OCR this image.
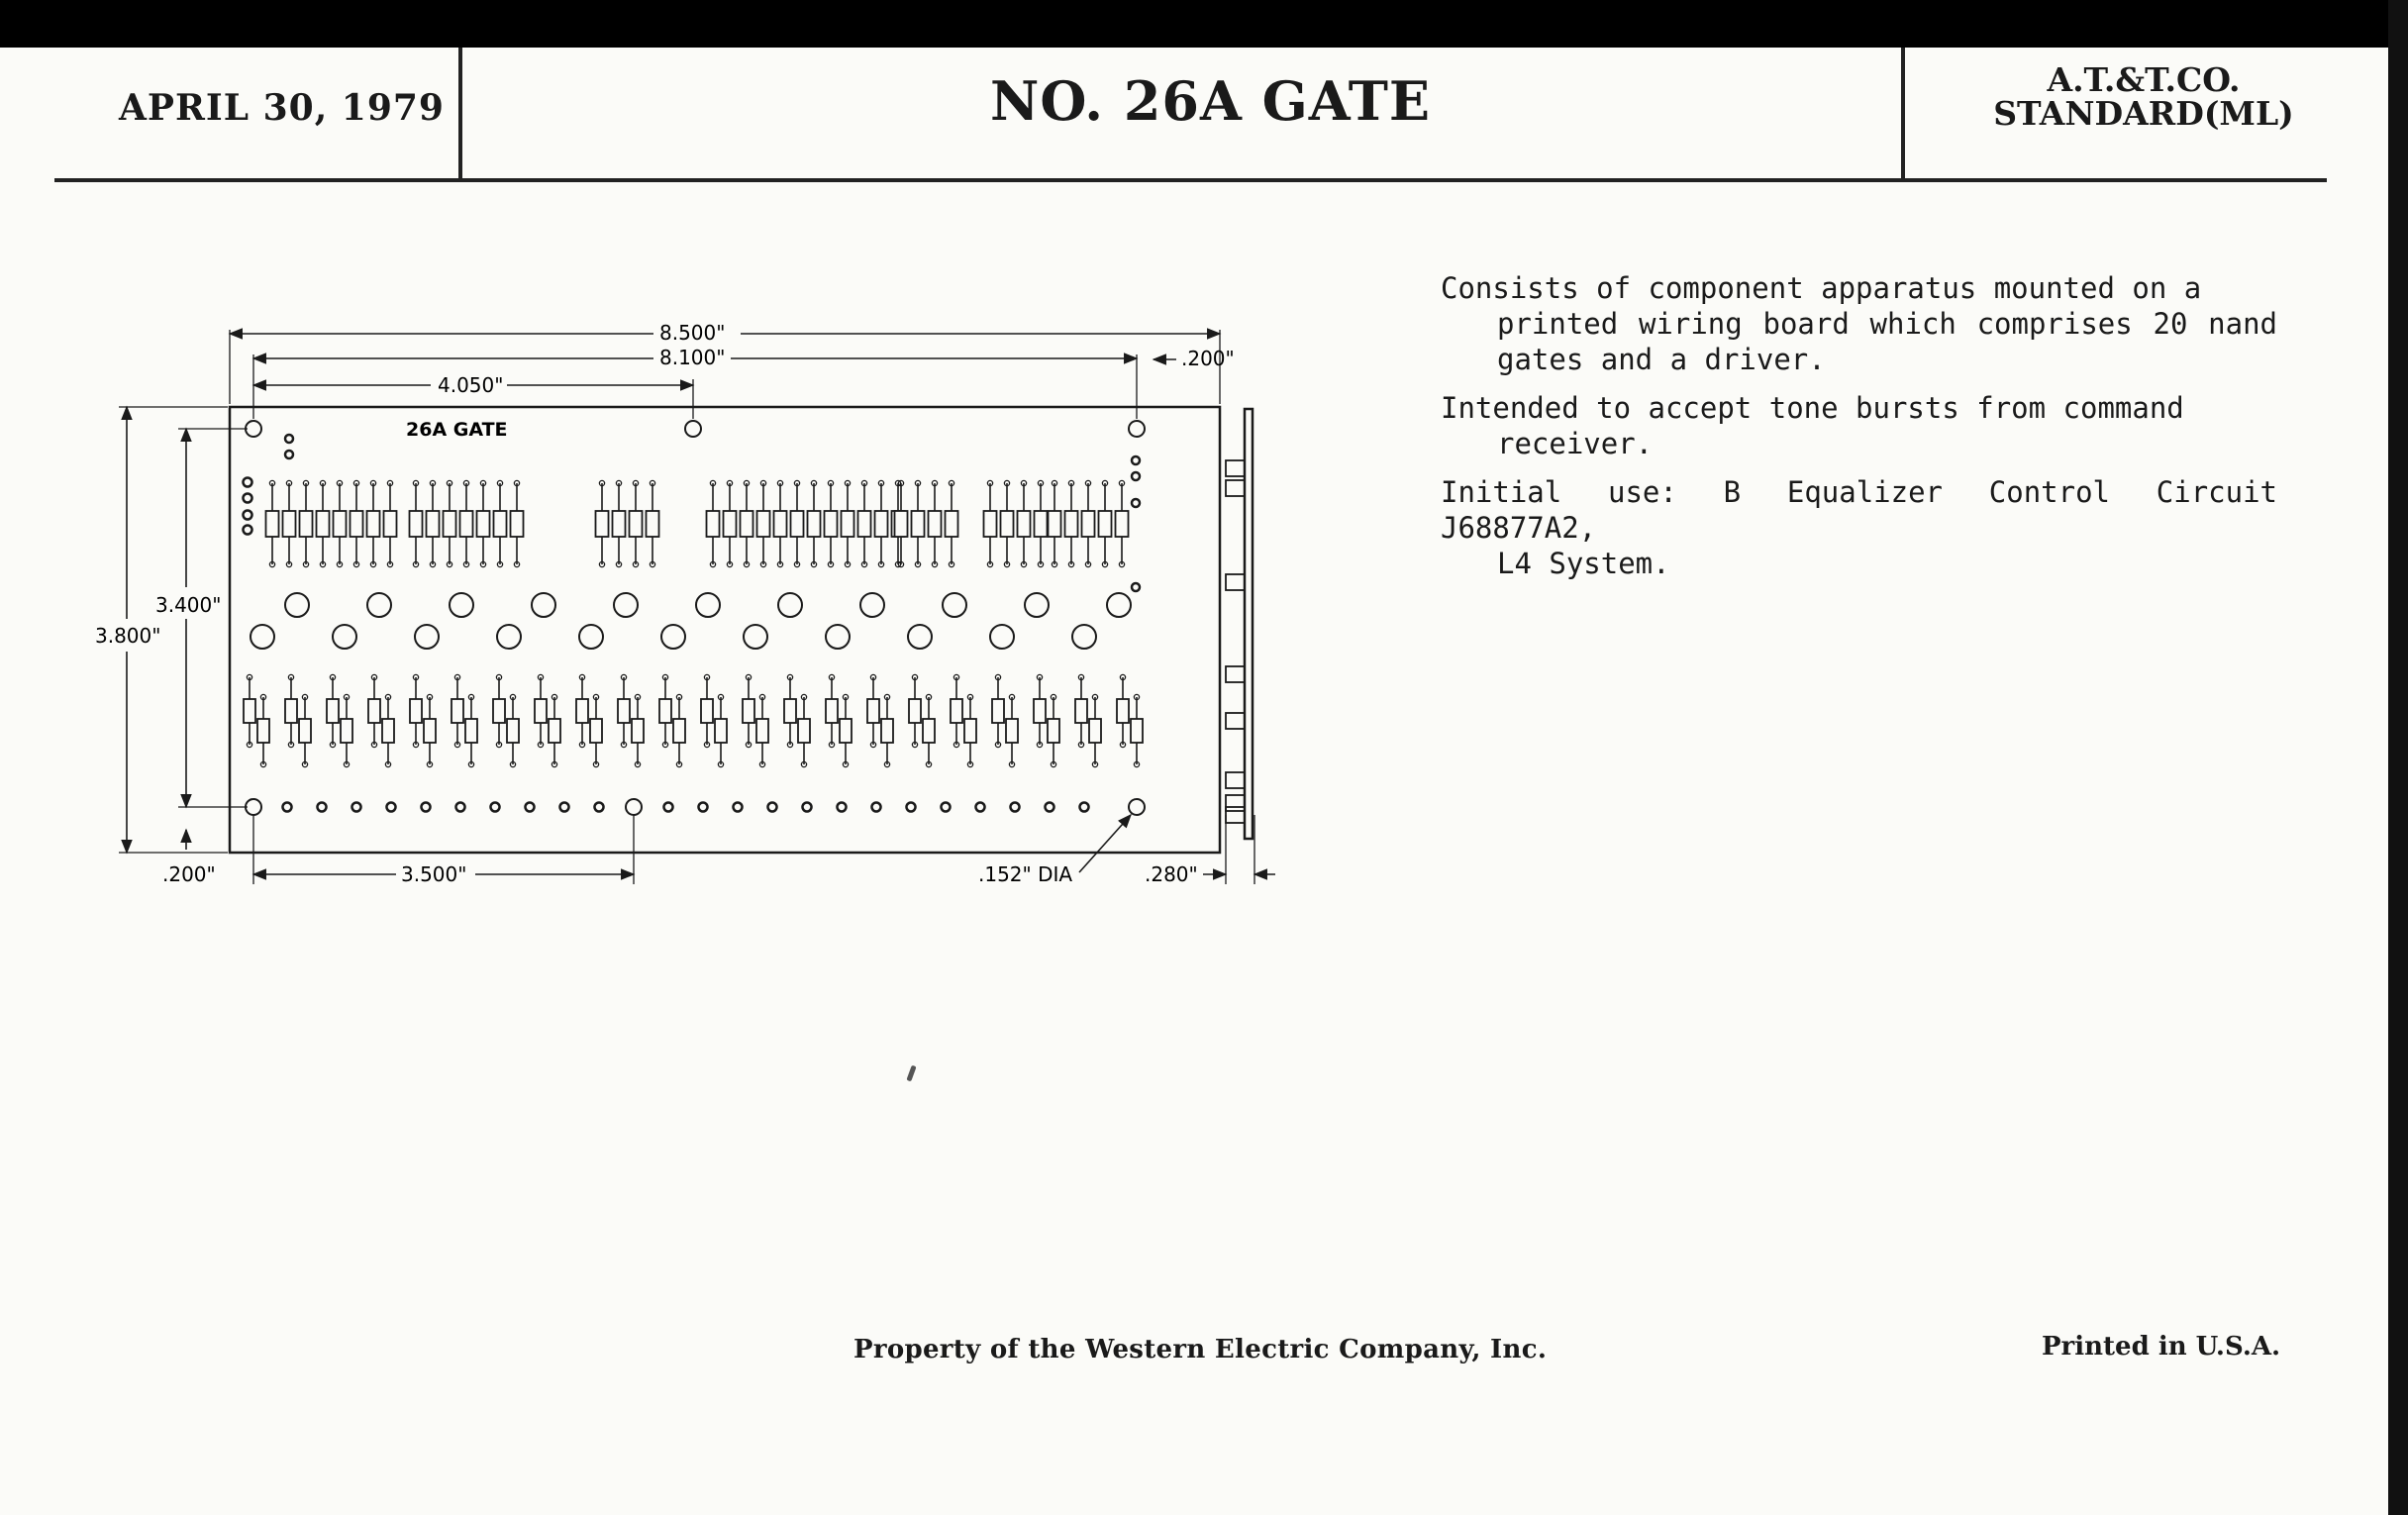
APRIL 30, 1979	NO. 26A GATE	A.T.&T.CO.
STANDARD(ML)
26A GATE
8.500"
8.100"
4.050"
.200"
3.800"
3.400"
.200"	3.500"	.152" DIA	.280"
Consists of component apparatus mounted on a
printed wiring board which comprises 20 nand gates and a driver.
Intended to accept tone bursts from command
receiver.
Initial use: B Equalizer Control Circuit J68877A2,
L4 System.
Property of the Western Electric Company, Inc.	Printed in U.S.A.
